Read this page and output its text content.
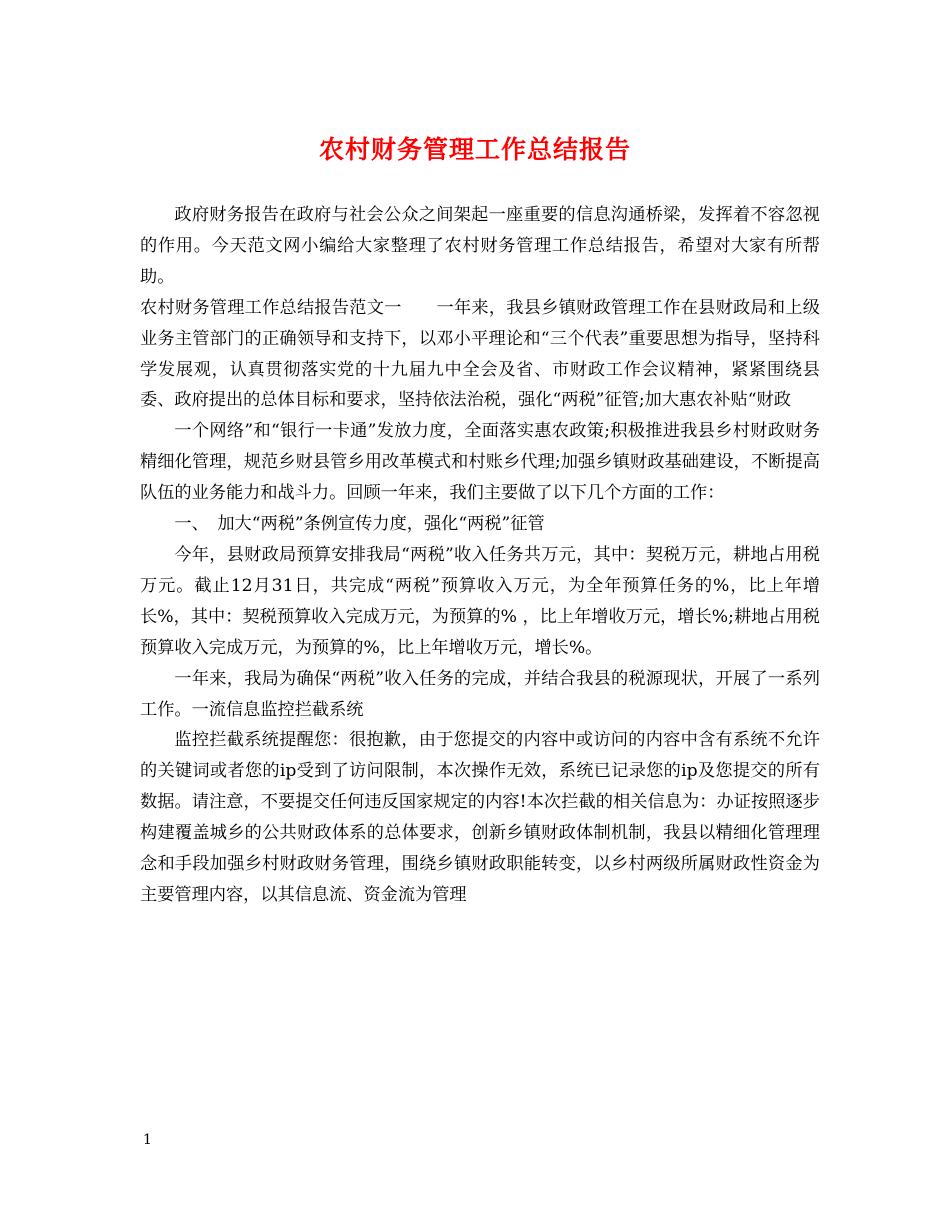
农村财务管理工作总结报告

政府财务报告在政府与社会公众之间架起一座重要的信息沟通桥梁，发挥着不容忽视的作用。今天范文网小编给大家整理了农村财务管理工作总结报告，希望对大家有所帮助。

农村财务管理工作总结报告范文一　　一年来，我县乡镇财政管理工作在县财政局和上级业务主管部门的正确领导和支持下，以邓小平理论和“三个代表”重要思想为指导，坚持科学发展观，认真贯彻落实党的十九届九中全会及省、市财政工作会议精神，紧紧围绕县委、政府提出的总体目标和要求，坚持依法治税，强化“两税”征管;加大惠农补贴“财政

一个网络”和“银行一卡通”发放力度，全面落实惠农政策;积极推进我县乡村财政财务精细化管理，规范乡财县管乡用改革模式和村账乡代理;加强乡镇财政基础建设，不断提高队伍的业务能力和战斗力。回顾一年来，我们主要做了以下几个方面的工作：

一、　加大“两税”条例宣传力度，强化“两税”征管

今年，县财政局预算安排我局“两税”收入任务共万元，其中：契税万元，耕地占用税万元。截止12月31日，共完成“两税”预算收入万元，为全年预算任务的%，比上年增长%，其中：契税预算收入完成万元，为预算的% ，比上年增收万元，增长%;耕地占用税预算收入完成万元，为预算的%，比上年增收万元，增长%。

一年来，我局为确保“两税”收入任务的完成，并结合我县的税源现状，开展了一系列工作。一流信息监控拦截系统

监控拦截系统提醒您：很抱歉，由于您提交的内容中或访问的内容中含有系统不允许的关键词或者您的ip受到了访问限制，本次操作无效，系统已记录您的ip及您提交的所有数据。请注意，不要提交任何违反国家规定的内容!本次拦截的相关信息为：办证按照逐步构建覆盖城乡的公共财政体系的总体要求，创新乡镇财政体制机制，我县以精细化管理理念和手段加强乡村财政财务管理，围绕乡镇财政职能转变，以乡村两级所属财政性资金为主要管理内容，以其信息流、资金流为管理

1
